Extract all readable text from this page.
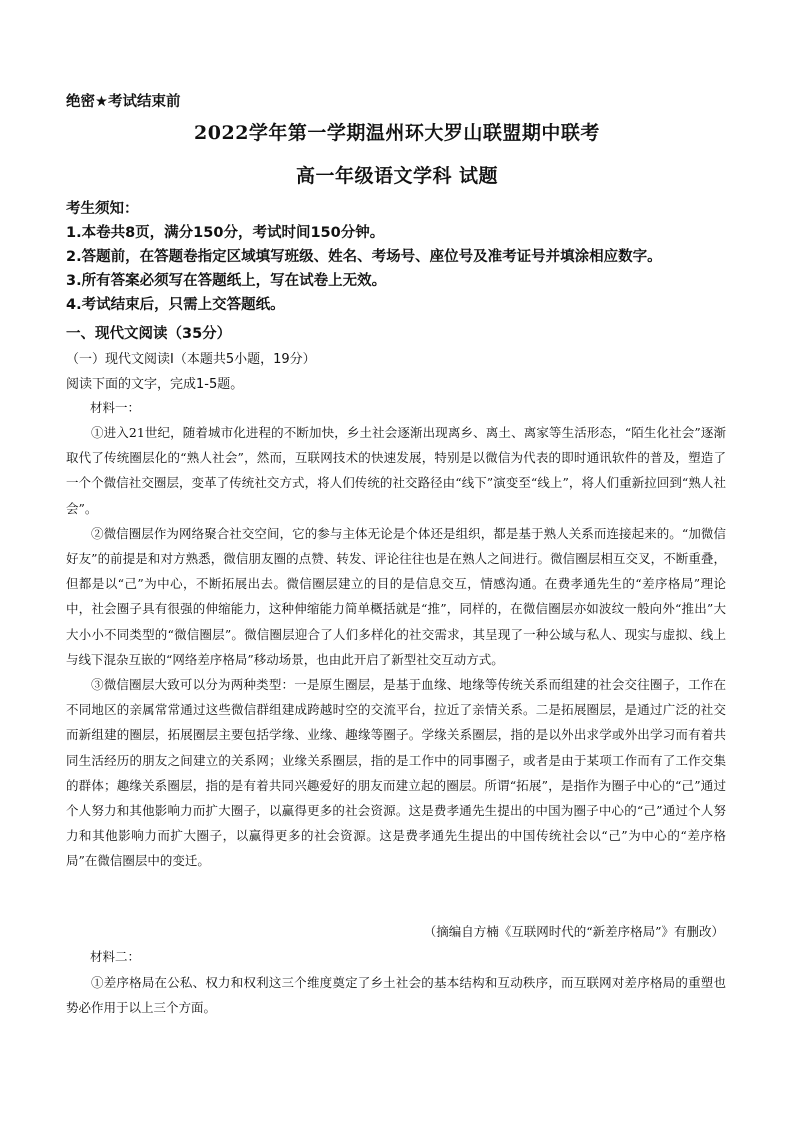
绝密★考试结束前
2022学年第一学期温州环大罗山联盟期中联考
高一年级语文学科 试题
考生须知：
1.本卷共8页，满分150分，考试时间150分钟。
2.答题前，在答题卷指定区域填写班级、姓名、考场号、座位号及准考证号并填涂相应数字。
3.所有答案必须写在答题纸上，写在试卷上无效。
4.考试结束后，只需上交答题纸。
一、现代文阅读（35分）
（一）现代文阅读Ⅰ（本题共5小题，19分）
阅读下面的文字，完成1-5题。
材料一：

①进入21世纪，随着城市化进程的不断加快，乡土社会逐渐出现离乡、离土、离家等生活形态，“陌生化社会”逐渐取代了传统圈层化的“熟人社会”，然而，互联网技术的快速发展，特别是以微信为代表的即时通讯软件的普及，塑造了一个个微信社交圈层，变革了传统社交方式，将人们传统的社交路径由“线下”演变至“线上”，将人们重新拉回到“熟人社会”。

②微信圈层作为网络聚合社交空间，它的参与主体无论是个体还是组织，都是基于熟人关系而连接起来的。“加微信好友”的前提是和对方熟悉，微信朋友圈的点赞、转发、评论往往也是在熟人之间进行。微信圈层相互交叉，不断重叠，但都是以“己”为中心，不断拓展出去。微信圈层建立的目的是信息交互，情感沟通。在费孝通先生的“差序格局”理论中，社会圈子具有很强的伸缩能力，这种伸缩能力简单概括就是“推”，同样的，在微信圈层亦如波纹一般向外“推出”大大小小不同类型的“微信圈层”。微信圈层迎合了人们多样化的社交需求，其呈现了一种公域与私人、现实与虚拟、线上与线下混杂互嵌的“网络差序格局”移动场景，也由此开启了新型社交互动方式。

③微信圈层大致可以分为两种类型：一是原生圈层，是基于血缘、地缘等传统关系而组建的社会交往圈子，工作在不同地区的亲属常常通过这些微信群组建成跨越时空的交流平台，拉近了亲情关系。二是拓展圈层，是通过广泛的社交而新组建的圈层，拓展圈层主要包括学缘、业缘、趣缘等圈子。学缘关系圈层，指的是以外出求学或外出学习而有着共同生活经历的朋友之间建立的关系网；业缘关系圈层，指的是工作中的同事圈子，或者是由于某项工作而有了工作交集的群体；趣缘关系圈层，指的是有着共同兴趣爱好的朋友而建立起的圈层。所谓“拓展”，是指作为圈子中心的“己”通过个人努力和其他影响力而扩大圈子，以赢得更多的社会资源。这是费孝通先生提出的中国为圈子中心的“己”通过个人努力和其他影响力而扩大圈子，以赢得更多的社会资源。这是费孝通先生提出的中国传统社会以“己”为中心的“差序格局”在微信圈层中的变迁。

（摘编自方楠《互联网时代的“新差序格局”》有删改）
材料二：

①差序格局在公私、权力和权利这三个维度奠定了乡土社会的基本结构和互动秩序，而互联网对差序格局的重塑也势必作用于以上三个方面。
